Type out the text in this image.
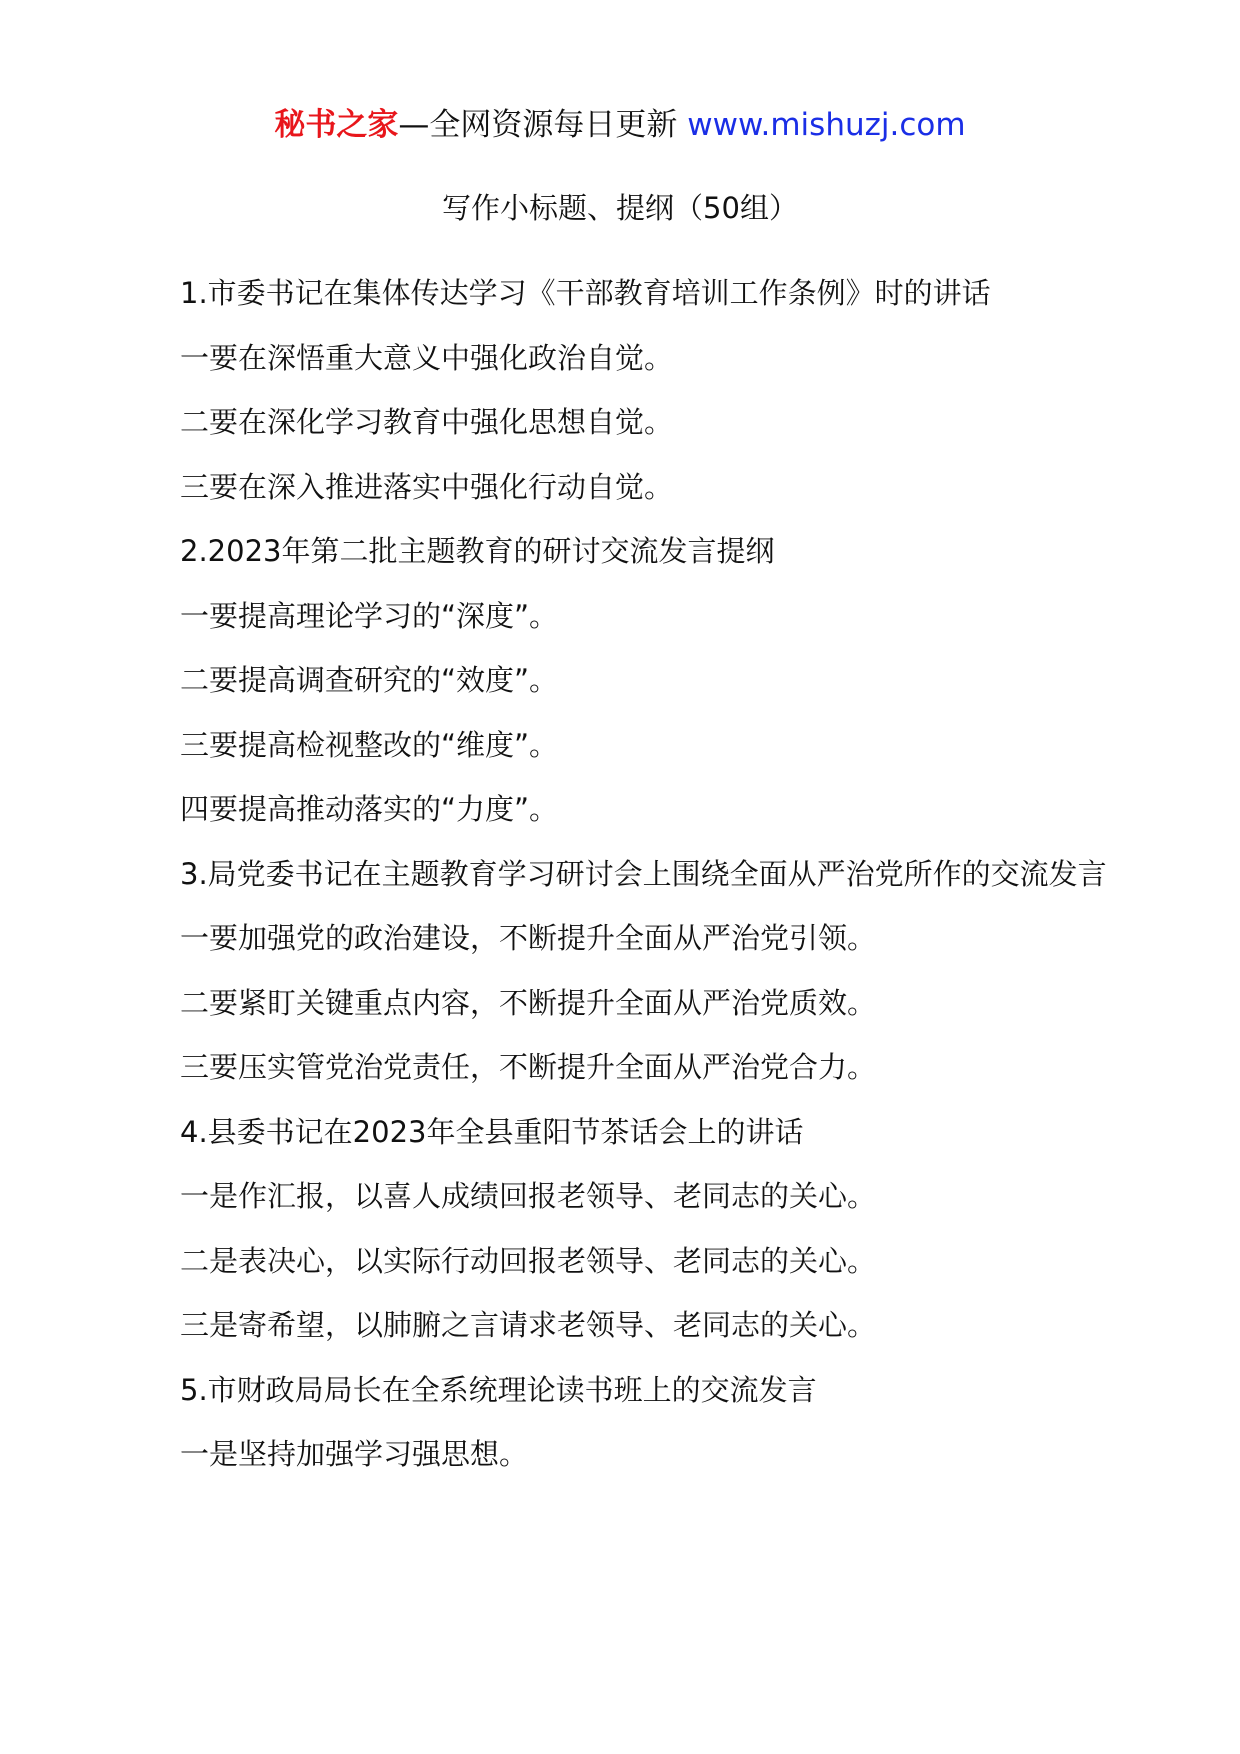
秘书之家—全网资源每日更新 www.mishuzj.com
写作小标题、提纲（50组）

1.市委书记在集体传达学习《干部教育培训工作条例》时的讲话

一要在深悟重大意义中强化政治自觉。

二要在深化学习教育中强化思想自觉。

三要在深入推进落实中强化行动自觉。

2.2023年第二批主题教育的研讨交流发言提纲

一要提高理论学习的“深度”。

二要提高调查研究的“效度”。

三要提高检视整改的“维度”。

四要提高推动落实的“力度”。

3.局党委书记在主题教育学习研讨会上围绕全面从严治党所作的交流发言

一要加强党的政治建设，不断提升全面从严治党引领。

二要紧盯关键重点内容，不断提升全面从严治党质效。

三要压实管党治党责任，不断提升全面从严治党合力。

4.县委书记在2023年全县重阳节茶话会上的讲话

一是作汇报，以喜人成绩回报老领导、老同志的关心。

二是表决心，以实际行动回报老领导、老同志的关心。

三是寄希望，以肺腑之言请求老领导、老同志的关心。

5.市财政局局长在全系统理论读书班上的交流发言

一是坚持加强学习强思想。
